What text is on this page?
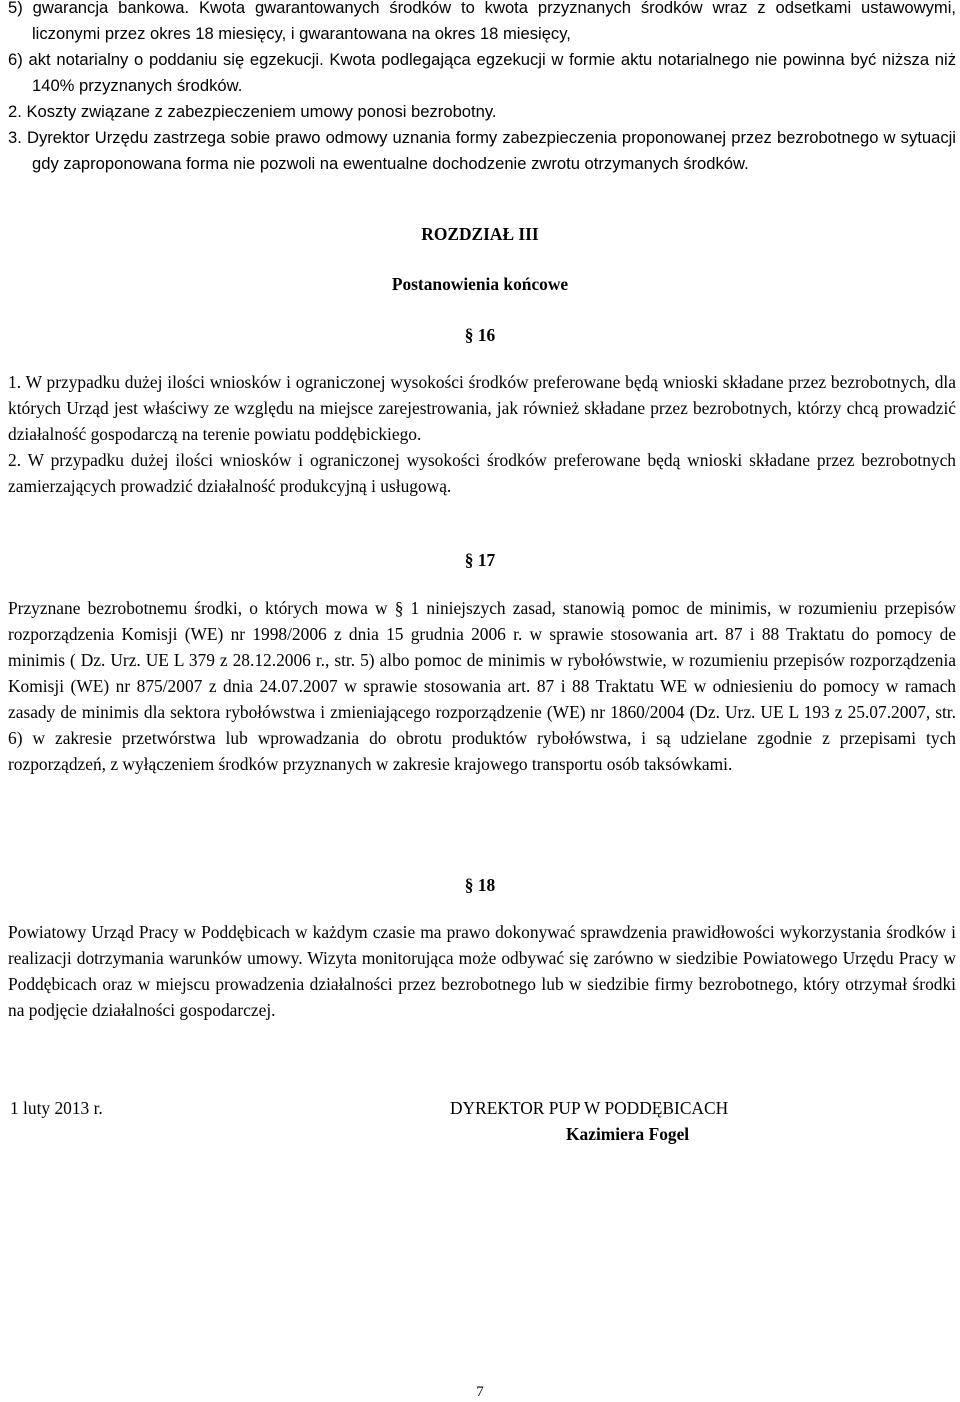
5) gwarancja bankowa. Kwota gwarantowanych środków to kwota przyznanych środków wraz z odsetkami ustawowymi, liczonymi przez okres 18 miesięcy, i gwarantowana na okres 18 miesięcy,

6) akt notarialny o poddaniu się egzekucji. Kwota podlegająca egzekucji w formie aktu notarialnego nie powinna być niższa niż 140% przyznanych środków.

2. Koszty związane z zabezpieczeniem umowy ponosi bezrobotny.

3. Dyrektor Urzędu zastrzega sobie prawo odmowy uznania formy zabezpieczenia proponowanej przez bezrobotnego w sytuacji gdy zaproponowana forma nie pozwoli na ewentualne dochodzenie zwrotu otrzymanych środków.

ROZDZIAŁ III
Postanowienia końcowe
§ 16

1. W przypadku dużej ilości wniosków i ograniczonej wysokości środków preferowane będą wnioski składane przez bezrobotnych, dla których Urząd jest właściwy ze względu na miejsce zarejestrowania, jak również składane przez bezrobotnych, którzy chcą prowadzić działalność gospodarczą na terenie powiatu poddębickiego.

2. W przypadku dużej ilości wniosków i ograniczonej wysokości środków preferowane będą wnioski składane przez bezrobotnych zamierzających prowadzić działalność produkcyjną i usługową.

§ 17

Przyznane bezrobotnemu środki, o których mowa w § 1 niniejszych zasad, stanowią pomoc de minimis, w rozumieniu przepisów rozporządzenia Komisji (WE) nr 1998/2006 z dnia 15 grudnia 2006 r. w sprawie stosowania art. 87 i 88 Traktatu do pomocy de minimis ( Dz. Urz. UE L 379 z 28.12.2006 r., str. 5) albo pomoc de minimis w rybołówstwie, w rozumieniu przepisów rozporządzenia Komisji (WE) nr 875/2007 z dnia 24.07.2007 w sprawie stosowania art. 87 i 88 Traktatu WE w odniesieniu do pomocy w ramach zasady de minimis dla sektora rybołówstwa i zmieniającego rozporządzenie (WE) nr 1860/2004 (Dz. Urz. UE L 193 z 25.07.2007, str. 6) w zakresie przetwórstwa lub wprowadzania do obrotu produktów rybołówstwa, i są udzielane zgodnie z przepisami tych rozporządzeń, z wyłączeniem środków przyznanych w zakresie krajowego transportu osób taksówkami.

§ 18

Powiatowy Urząd Pracy w Poddębicach w każdym czasie ma prawo dokonywać sprawdzenia prawidłowości wykorzystania środków i realizacji dotrzymania warunków umowy. Wizyta monitorująca może odbywać się zarówno w siedzibie Powiatowego Urzędu Pracy w Poddębicach oraz w miejscu prowadzenia działalności przez bezrobotnego lub w siedzibie firmy bezrobotnego, który otrzymał środki na podjęcie działalności gospodarczej.

1 luty 2013 r.	DYREKTOR PUP W PODDĘBICACH
Kazimiera Fogel
7
